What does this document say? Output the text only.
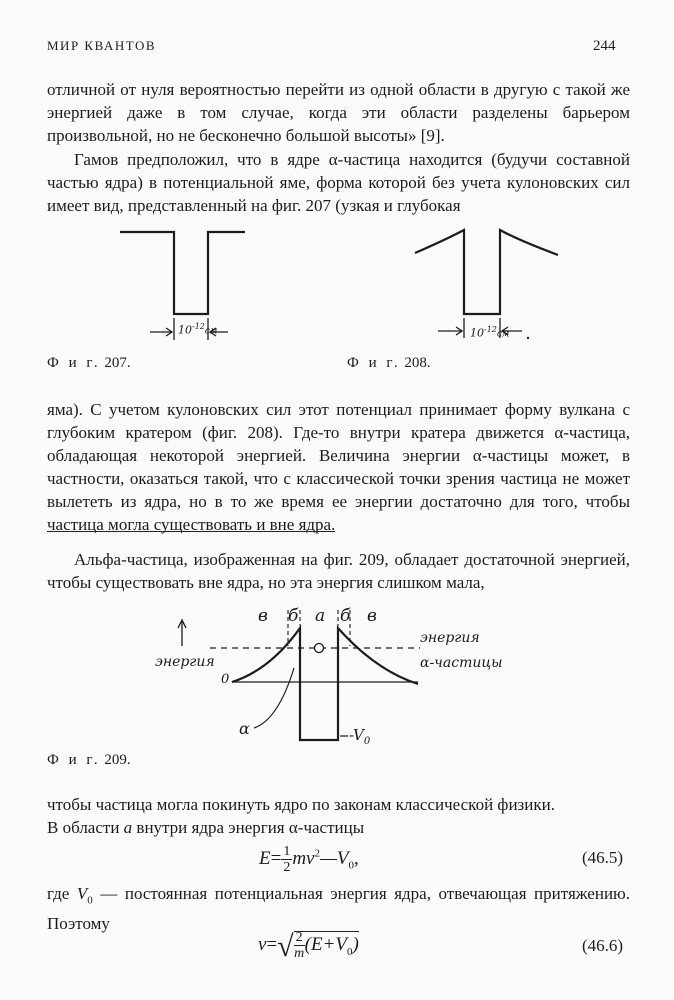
МИР КВАНТОВ	244
отличной от нуля вероятностью перейти из одной области в другую с такой же энергией даже в том случае, когда эти области разделены барьером произвольной, но не бесконечно большой высоты» [9].
Гамов предположил, что в ядре α-частица находится (будучи составной частью ядра) в потенциальной яме, форма которой без учета кулоновских сил имеет вид, представленный на фиг. 207 (узкая и глубокая
$10^{-12}см$	$10^{-12}см$
Ф и г. 207.	Ф и г. 208.
яма). С учетом кулоновских сил этот потенциал принимает форму вулкана с глубоким кратером (фиг. 208). Где-то внутри кратера движется α-частица, обладающая некоторой энергией. Величина энергии α-частицы может, в частности, оказаться такой, что с классической точки зрения частица не может вылететь из ядра, но в то же время ее энергии достаточно для того, чтобы частица могла существовать и вне ядра.
Альфа-частица, изображенная на фиг. 209, обладает достаточной энергией, чтобы существовать вне ядра, но эта энергия слишком мала,
в б a б в
энергия
0
энергия
α-частицы
α	$-V_0$
Ф и г. 209.
чтобы частица могла покинуть ядро по законам классической физики.
В области a внутри ядра энергия α-частицы
$E= \frac{1}{2}$ $mv^2—V_0$,	(46.5)
где $V_0$ — постоянная потенциальная энергия ядра, отвечающая притяжению. Поэтому
$v=√ \frac{2}{m} (E+V_0)$	(46.6)
